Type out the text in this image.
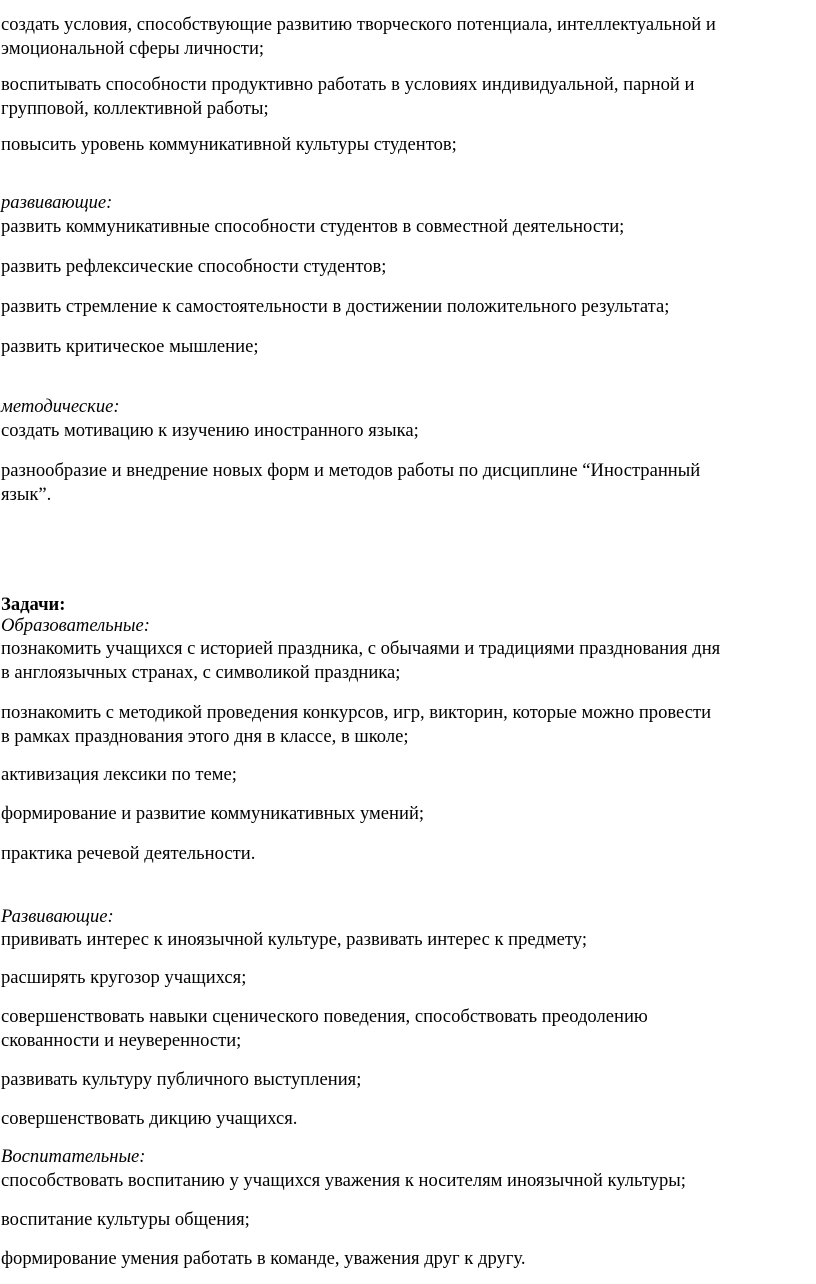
создать условия, способствующие развитию творческого потенциала, интеллектуальной и
эмоциональной сферы личности;
воспитывать способности продуктивно работать в условиях индивидуальной, парной и
групповой, коллективной работы;
повысить уровень коммуникативной культуры студентов;
развивающие:
развить коммуникативные способности студентов в совместной деятельности;
развить рефлексические способности студентов;
развить стремление к самостоятельности в достижении положительного результата;
развить критическое мышление;
методические:
создать мотивацию к изучению иностранного языка;
разнообразие и внедрение новых форм и методов работы по дисциплине “Иностранный
язык”.
Задачи:
Образовательные:
познакомить учащихся с историей праздника, с обычаями и традициями празднования дня
в англоязычных странах, с символикой праздника;
познакомить с методикой проведения конкурсов, игр, викторин, которые можно провести
в рамках празднования этого дня в классе, в школе;
активизация лексики по теме;
формирование и развитие коммуникативных умений;
практика речевой деятельности.
Развивающие:
прививать интерес к иноязычной культуре, развивать интерес к предмету;
расширять кругозор учащихся;
совершенствовать навыки сценического поведения, способствовать преодолению
скованности и неуверенности;
развивать культуру публичного выступления;
совершенствовать дикцию учащихся.
Воспитательные:
способствовать воспитанию у учащихся уважения к носителям иноязычной культуры;
воспитание культуры общения;
формирование умения работать в команде, уважения друг к другу.
